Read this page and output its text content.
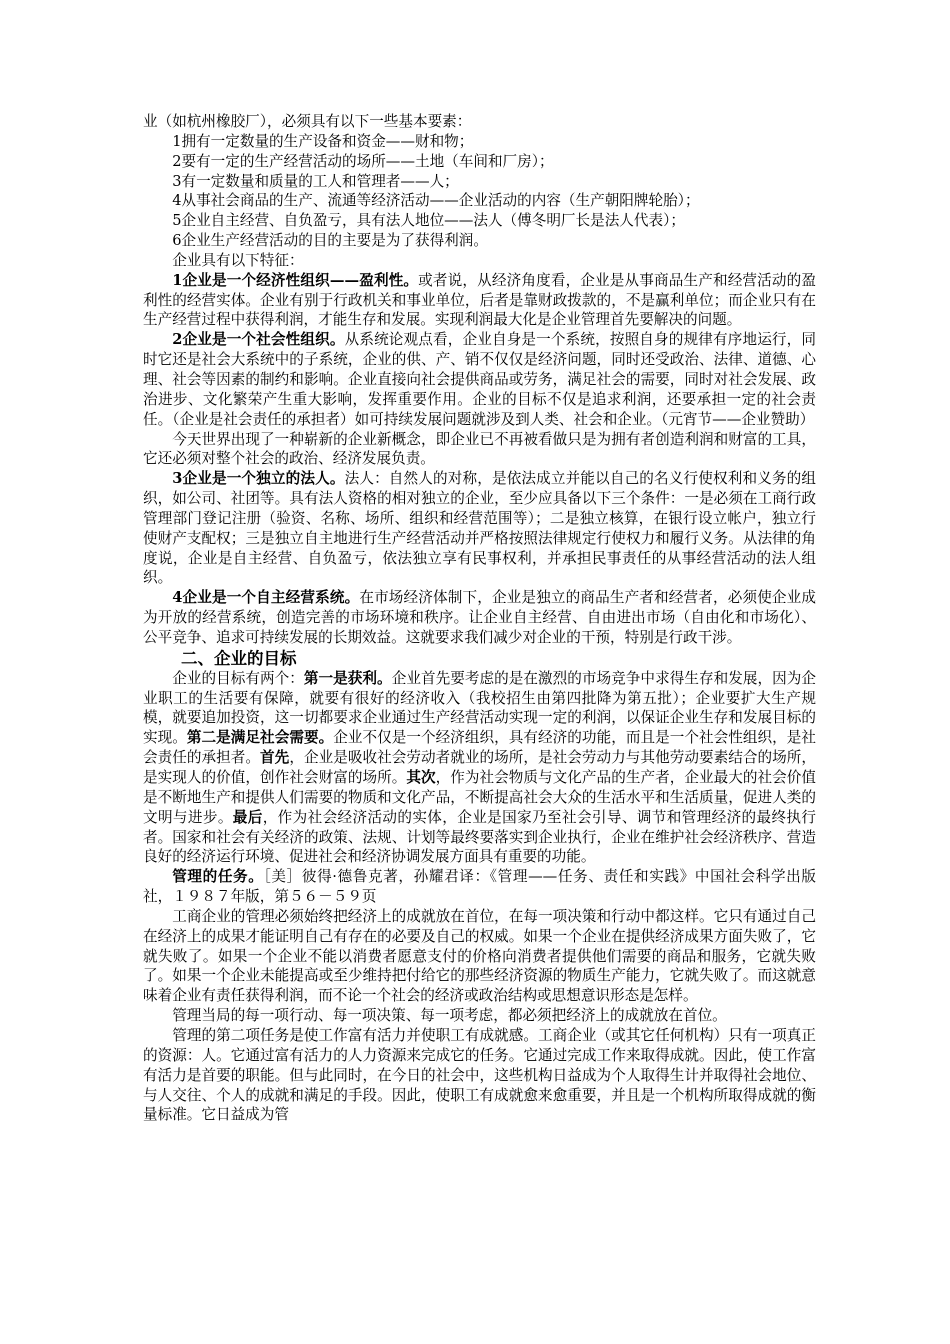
业（如杭州橡胶厂），必须具有以下一些基本要素：

1拥有一定数量的生产设备和资金——财和物；

2要有一定的生产经营活动的场所——土地（车间和厂房）；

3有一定数量和质量的工人和管理者——人；

4从事社会商品的生产、流通等经济活动——企业活动的内容（生产朝阳牌轮胎）；

5企业自主经营、自负盈亏，具有法人地位——法人（傅冬明厂长是法人代表）；

6企业生产经营活动的目的主要是为了获得利润。

企业具有以下特征：

1企业是一个经济性组织——盈利性。或者说，从经济角度看，企业是从事商品生产和经营活动的盈利性的经营实体。企业有别于行政机关和事业单位，后者是靠财政拨款的，不是赢利单位；而企业只有在生产经营过程中获得利润，才能生存和发展。实现利润最大化是企业管理首先要解决的问题。

2企业是一个社会性组织。从系统论观点看，企业自身是一个系统，按照自身的规律有序地运行，同时它还是社会大系统中的子系统，企业的供、产、销不仅仅是经济问题，同时还受政治、法律、道德、心理、社会等因素的制约和影响。企业直接向社会提供商品或劳务，满足社会的需要，同时对社会发展、政治进步、文化繁荣产生重大影响，发挥重要作用。企业的目标不仅是追求利润，还要承担一定的社会责任。（企业是社会责任的承担者）如可持续发展问题就涉及到人类、社会和企业。（元宵节——企业赞助）

今天世界出现了一种崭新的企业新概念，即企业已不再被看做只是为拥有者创造利润和财富的工具，它还必须对整个社会的政治、经济发展负责。

3企业是一个独立的法人。法人：自然人的对称，是依法成立并能以自己的名义行使权利和义务的组织，如公司、社团等。具有法人资格的相对独立的企业，至少应具备以下三个条件：一是必须在工商行政管理部门登记注册（验资、名称、场所、组织和经营范围等）；二是独立核算，在银行设立帐户，独立行使财产支配权；三是独立自主地进行生产经营活动并严格按照法律规定行使权力和履行义务。从法律的角度说，企业是自主经营、自负盈亏，依法独立享有民事权利，并承担民事责任的从事经营活动的法人组织。

4企业是一个自主经营系统。在市场经济体制下，企业是独立的商品生产者和经营者，必须使企业成为开放的经营系统，创造完善的市场环境和秩序。让企业自主经营、自由进出市场（自由化和市场化）、公平竞争、追求可持续发展的长期效益。这就要求我们减少对企业的干预，特别是行政干涉。

二、企业的目标

企业的目标有两个：第一是获利。企业首先要考虑的是在激烈的市场竞争中求得生存和发展，因为企业职工的生活要有保障，就要有很好的经济收入（我校招生由第四批降为第五批）；企业要扩大生产规模，就要追加投资，这一切都要求企业通过生产经营活动实现一定的利润，以保证企业生存和发展目标的实现。第二是满足社会需要。企业不仅是一个经济组织，具有经济的功能，而且是一个社会性组织，是社会责任的承担者。首先，企业是吸收社会劳动者就业的场所，是社会劳动力与其他劳动要素结合的场所，是实现人的价值，创作社会财富的场所。其次，作为社会物质与文化产品的生产者，企业最大的社会价值是不断地生产和提供人们需要的物质和文化产品，不断提高社会大众的生活水平和生活质量，促进人类的文明与进步。最后，作为社会经济活动的实体，企业是国家乃至社会引导、调节和管理经济的最终执行者。国家和社会有关经济的政策、法规、计划等最终要落实到企业执行，企业在维护社会经济秩序、营造良好的经济运行环境、促进社会和经济协调发展方面具有重要的功能。

管理的任务。［美］彼得·德鲁克著，孙耀君译：《管理——任务、责任和实践》中国社会科学出版社，１９８７年版，第５６－５９页

工商企业的管理必须始终把经济上的成就放在首位，在每一项决策和行动中都这样。它只有通过自己在经济上的成果才能证明自己有存在的必要及自己的权威。如果一个企业在提供经济成果方面失败了，它就失败了。如果一个企业不能以消费者愿意支付的价格向消费者提供他们需要的商品和服务，它就失败了。如果一个企业未能提高或至少维持把付给它的那些经济资源的物质生产能力，它就失败了。而这就意味着企业有责任获得利润，而不论一个社会的经济或政治结构或思想意识形态是怎样。

管理当局的每一项行动、每一项决策、每一项考虑，都必须把经济上的成就放在首位。

管理的第二项任务是使工作富有活力并使职工有成就感。工商企业（或其它任何机构）只有一项真正的资源：人。它通过富有活力的人力资源来完成它的任务。它通过完成工作来取得成就。因此，使工作富有活力是首要的职能。但与此同时，在今日的社会中，这些机构日益成为个人取得生计并取得社会地位、与人交往、个人的成就和满足的手段。因此，使职工有成就愈来愈重要，并且是一个机构所取得成就的衡量标准。它日益成为管
